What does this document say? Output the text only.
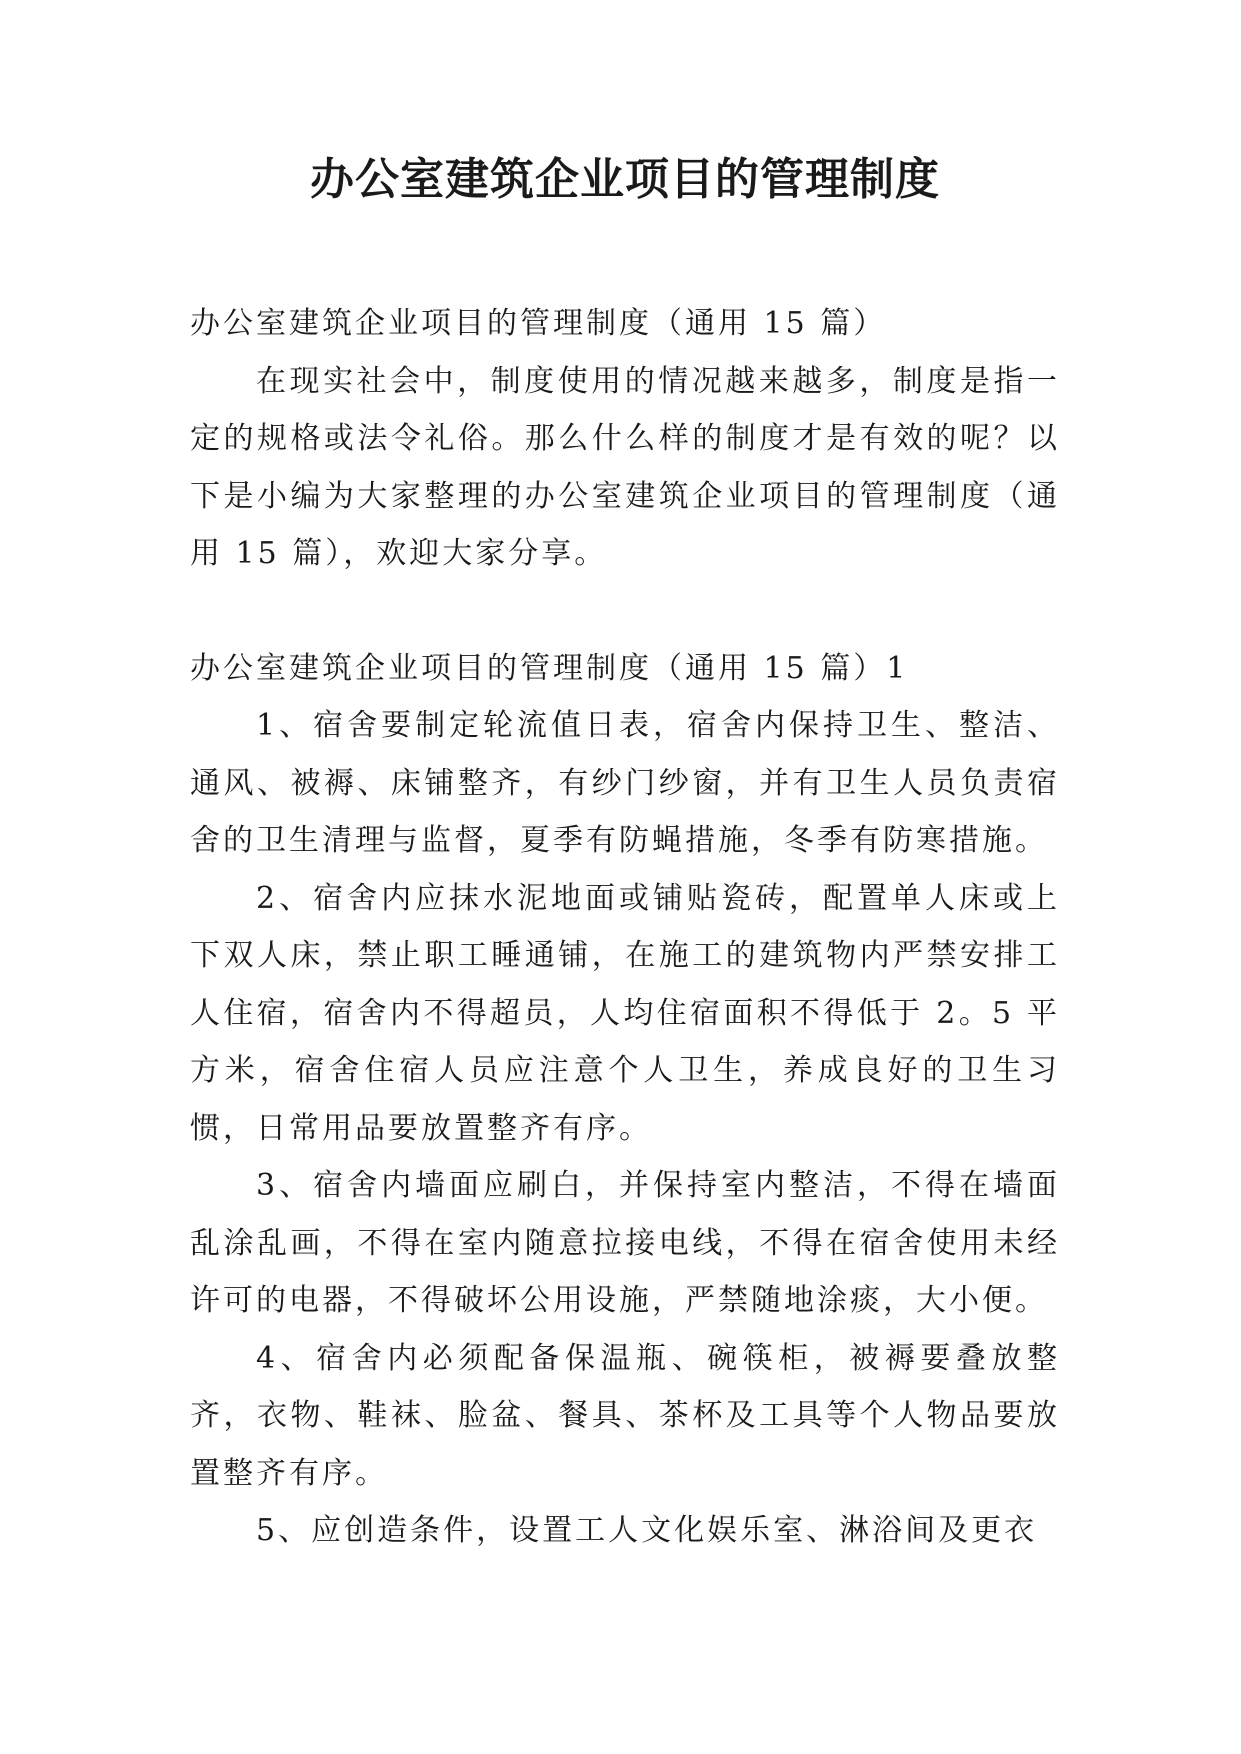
办公室建筑企业项目的管理制度

办公室建筑企业项目的管理制度（通用 15 篇）

在现实社会中，制度使用的情况越来越多，制度是指一定的规格或法令礼俗。那么什么样的制度才是有效的呢？以下是小编为大家整理的办公室建筑企业项目的管理制度（通用 15 篇），欢迎大家分享。

办公室建筑企业项目的管理制度（通用 15 篇）1

1、宿舍要制定轮流值日表，宿舍内保持卫生、整洁、通风、被褥、床铺整齐，有纱门纱窗，并有卫生人员负责宿舍的卫生清理与监督，夏季有防蝇措施，冬季有防寒措施。

2、宿舍内应抹水泥地面或铺贴瓷砖，配置单人床或上下双人床，禁止职工睡通铺，在施工的建筑物内严禁安排工人住宿，宿舍内不得超员，人均住宿面积不得低于 2。5 平方米，宿舍住宿人员应注意个人卫生，养成良好的卫生习惯，日常用品要放置整齐有序。

3、宿舍内墙面应刷白，并保持室内整洁，不得在墙面乱涂乱画，不得在室内随意拉接电线，不得在宿舍使用未经许可的电器，不得破坏公用设施，严禁随地涂痰，大小便。

4、宿舍内必须配备保温瓶、碗筷柜，被褥要叠放整齐，衣物、鞋袜、脸盆、餐具、茶杯及工具等个人物品要放置整齐有序。

5、应创造条件，设置工人文化娱乐室、淋浴间及更衣
